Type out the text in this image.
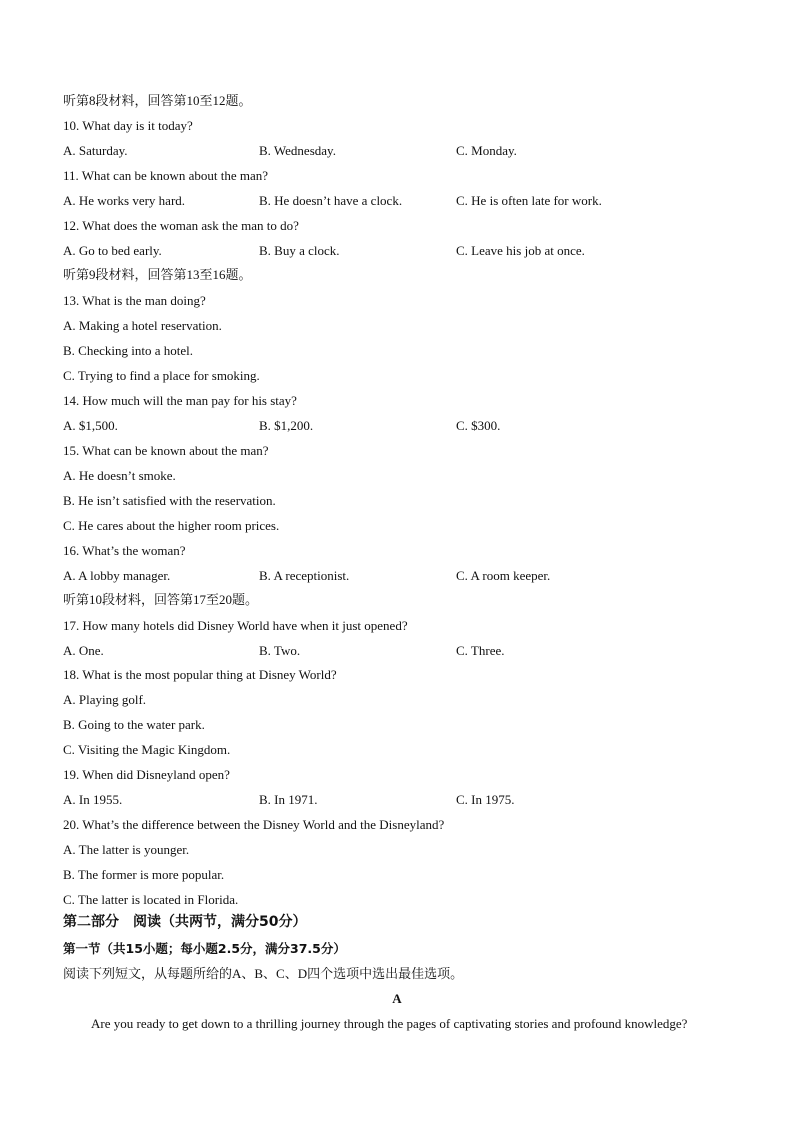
听第8段材料，回答第10至12题。
10. What day is it today?
A. Saturday.	B. Wednesday.	C. Monday.
11. What can be known about the man?
A. He works very hard.	B. He doesn’t have a clock.	C. He is often late for work.
12. What does the woman ask the man to do?
A. Go to bed early.	B. Buy a clock.	C. Leave his job at once.
听第9段材料，回答第13至16题。
13. What is the man doing?
A. Making a hotel reservation.
B. Checking into a hotel.
C. Trying to find a place for smoking.
14. How much will the man pay for his stay?
A. $1,500.	B. $1,200.	C. $300.
15. What can be known about the man?
A. He doesn’t smoke.
B. He isn’t satisfied with the reservation.
C. He cares about the higher room prices.
16. What’s the woman?
A. A lobby manager.	B. A receptionist.	C. A room keeper.
听第10段材料，回答第17至20题。
17. How many hotels did Disney World have when it just opened?
A. One.	B. Two.	C. Three.
18. What is the most popular thing at Disney World?
A. Playing golf.
B. Going to the water park.
C. Visiting the Magic Kingdom.
19. When did Disneyland open?
A. In 1955.	B. In 1971.	C. In 1975.
20. What’s the difference between the Disney World and the Disneyland?
A. The latter is younger.
B. The former is more popular.
C. The latter is located in Florida.
第二部分　阅读（共两节，满分50分）
第一节（共15小题；每小题2.5分，满分37.5分）
阅读下列短文，从每题所给的A、B、C、D四个选项中选出最佳选项。
A
Are you ready to get down to a thrilling journey through the pages of captivating stories and profound knowledge?
